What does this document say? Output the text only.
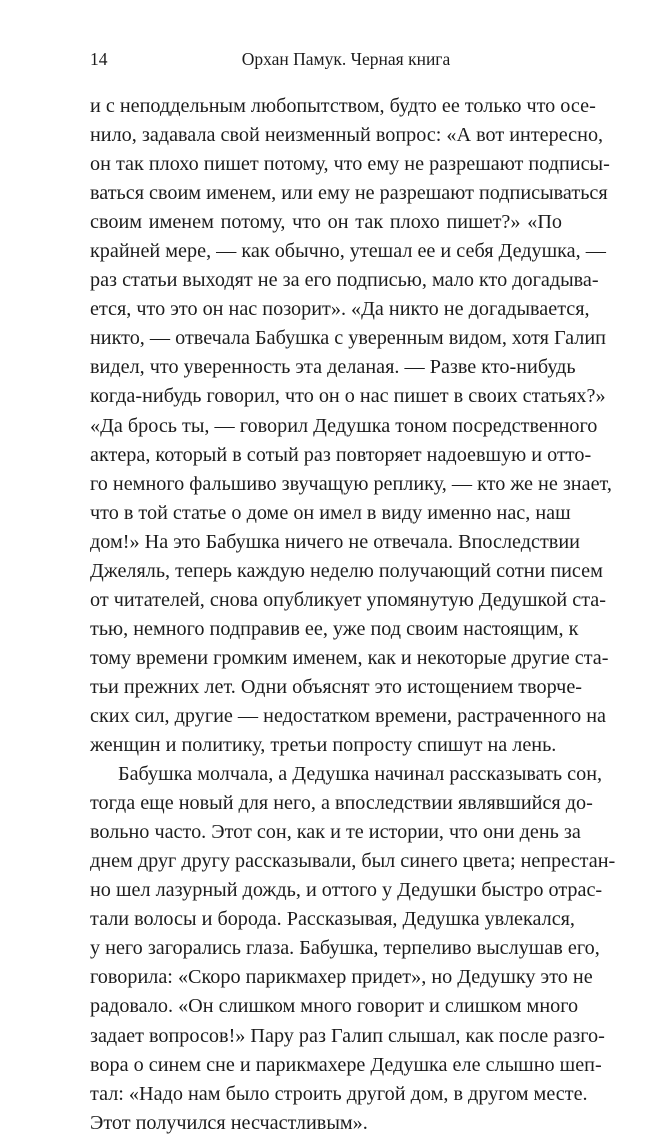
14	Орхан Памук. Черная книга
и с неподдельным любопытством, будто ее только что осе-
нило, задавала свой неизменный вопрос: «А вот интересно,
он так плохо пишет потому, что ему не разрешают подписы-
ваться своим именем, или ему не разрешают подписываться
своим именем потому, что он так плохо пишет?» «По
крайней мере, — как обычно, утешал ее и себя Дедушка, —
раз статьи выходят не за его подписью, мало кто догадыва-
ется, что это он нас позорит». «Да никто не догадывается,
никто, — отвечала Бабушка с уверенным видом, хотя Галип
видел, что уверенность эта деланая. — Разве кто-нибудь
когда-нибудь говорил, что он о нас пишет в своих статьях?»
«Да брось ты, — говорил Дедушка тоном посредственного
актера, который в сотый раз повторяет надоевшую и отто-
го немного фальшиво звучащую реплику, — кто же не знает,
что в той статье о доме он имел в виду именно нас, наш
дом!» На это Бабушка ничего не отвечала. Впоследствии
Джеляль, теперь каждую неделю получающий сотни писем
от читателей, снова опубликует упомянутую Дедушкой ста-
тью, немного подправив ее, уже под своим настоящим, к
тому времени громким именем, как и некоторые другие ста-
тьи прежних лет. Одни объяснят это истощением творче-
ских сил, другие — недостатком времени, растраченного на
женщин и политику, третьи попросту спишут на лень.
Бабушка молчала, а Дедушка начинал рассказывать сон,
тогда еще новый для него, а впоследствии являвшийся до-
вольно часто. Этот сон, как и те истории, что они день за
днем друг другу рассказывали, был синего цвета; непрестан-
но шел лазурный дождь, и оттого у Дедушки быстро отрас-
тали волосы и борода. Рассказывая, Дедушка увлекался,
у него загорались глаза. Бабушка, терпеливо выслушав его,
говорила: «Скоро парикмахер придет», но Дедушку это не
радовало. «Он слишком много говорит и слишком много
задает вопросов!» Пару раз Галип слышал, как после разго-
вора о синем сне и парикмахере Дедушка еле слышно шеп-
тал: «Надо нам было строить другой дом, в другом месте.
Этот получился несчастливым».
